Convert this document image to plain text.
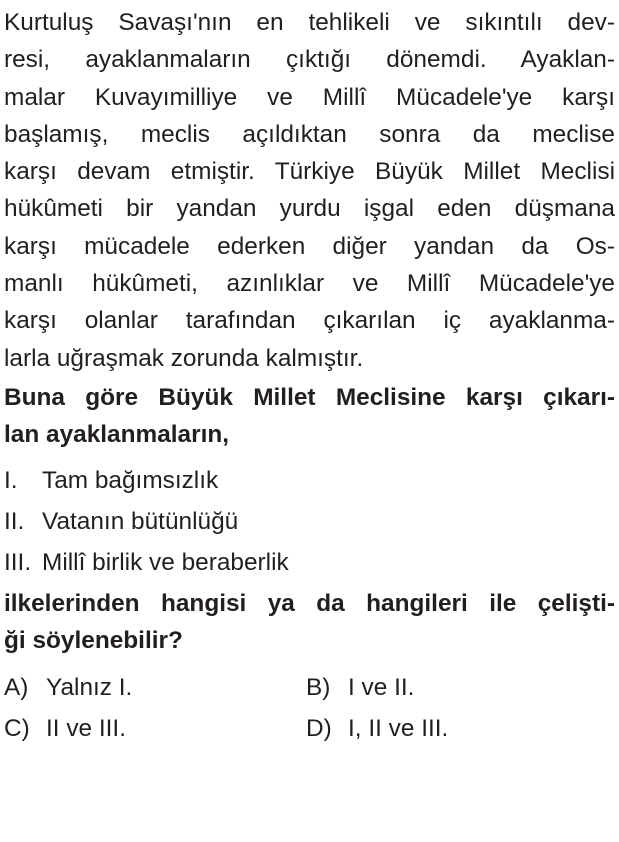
Kurtuluş Savaşı'nın en tehlikeli ve sıkıntılı dev-
resi, ayaklanmaların çıktığı dönemdi. Ayaklan-
malar Kuvayımilliye ve Millî Mücadele'ye karşı
başlamış, meclis açıldıktan sonra da meclise
karşı devam etmiştir. Türkiye Büyük Millet Meclisi
hükûmeti bir yandan yurdu işgal eden düşmana
karşı mücadele ederken diğer yandan da Os-
manlı hükûmeti, azınlıklar ve Millî Mücadele'ye
karşı olanlar tarafından çıkarılan iç ayaklanma-
larla uğraşmak zorunda kalmıştır.
Buna göre Büyük Millet Meclisine karşı çıkarı-
lan ayaklanmaların,
I.	Tam bağımsızlık
II. Vatanın bütünlüğü
III. Millî birlik ve beraberlik
ilkelerinden hangisi ya da hangileri ile çelişti-
ği söylenebilir?
A) Yalnız I.	B) I ve II.
C) II ve III.	D) I, II ve III.
